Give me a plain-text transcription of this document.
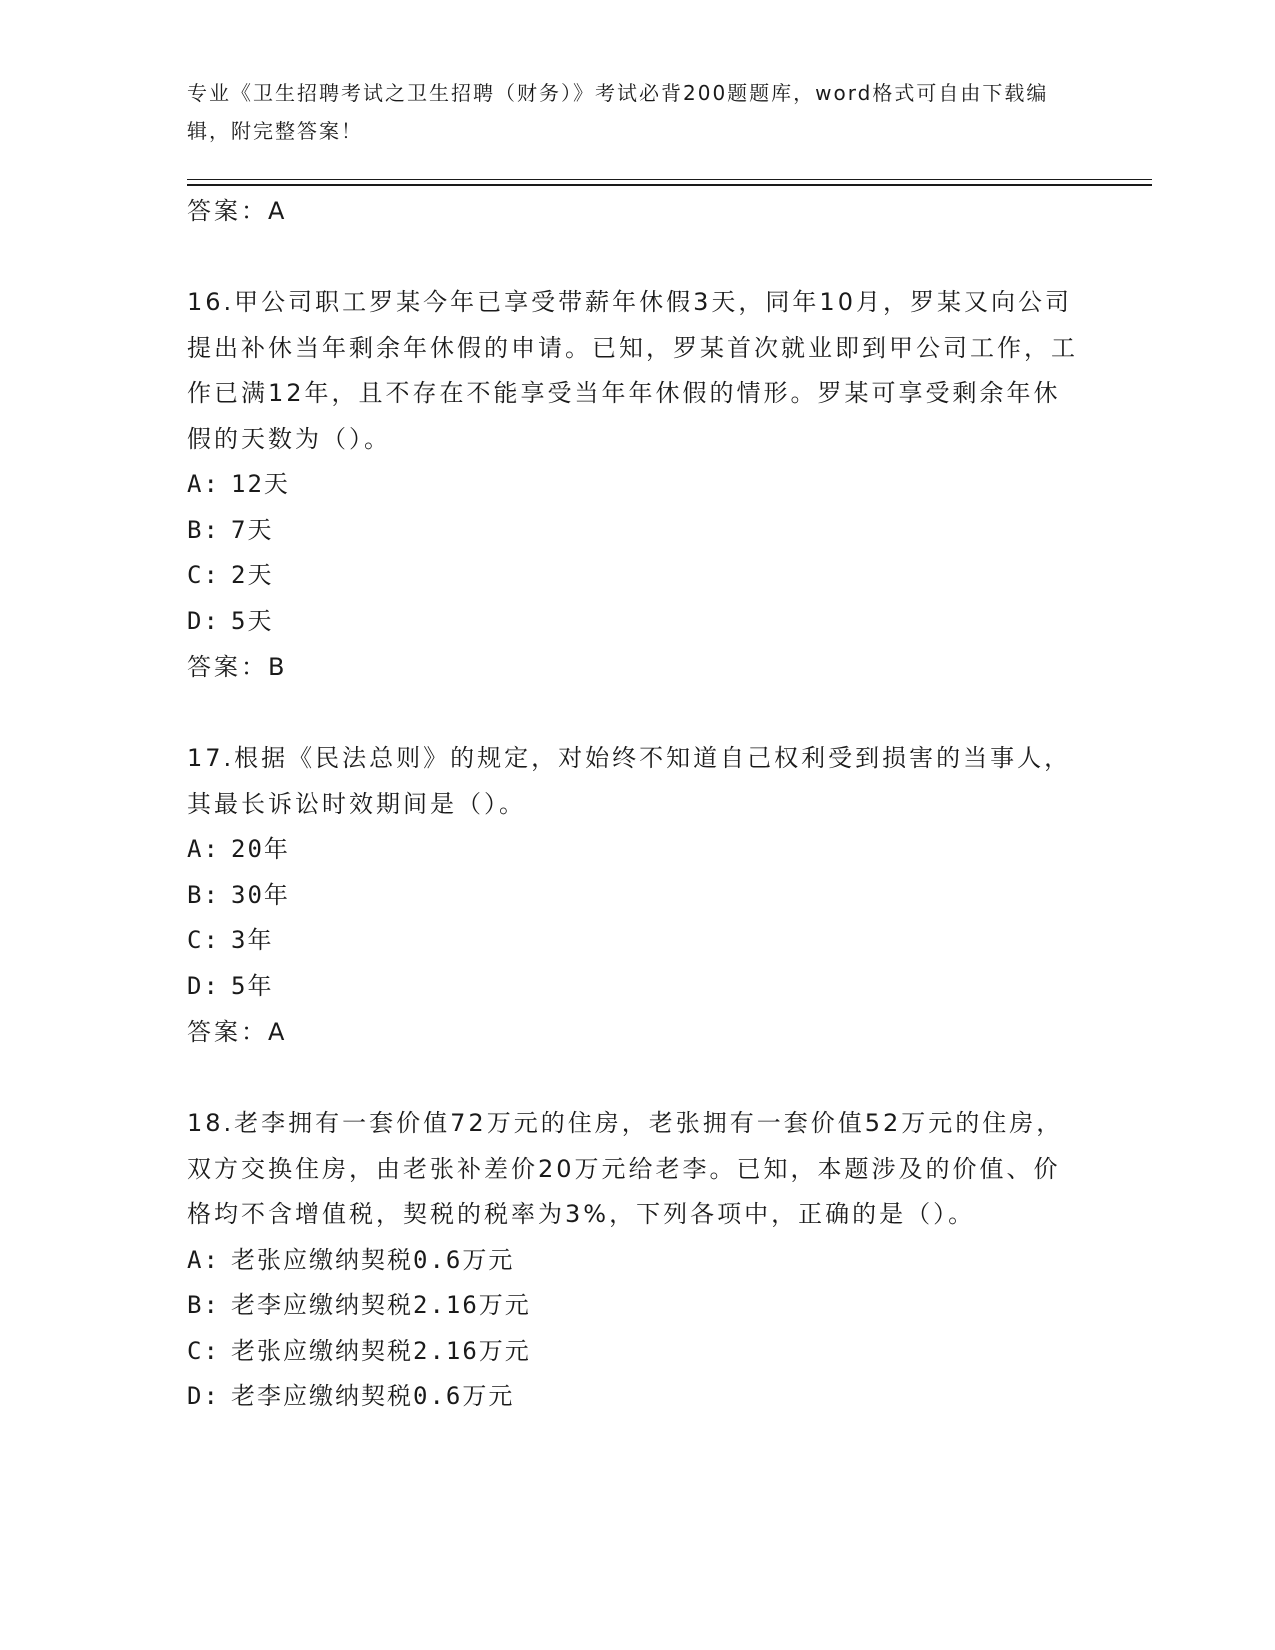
专业《卫生招聘考试之卫生招聘（财务）》考试必背200题题库，word格式可自由下载编辑，附完整答案！
答案：A
16.甲公司职工罗某今年已享受带薪年休假3天，同年10月，罗某又向公司提出补休当年剩余年休假的申请。已知，罗某首次就业即到甲公司工作，工作已满12年，且不存在不能享受当年年休假的情形。罗某可享受剩余年休假的天数为（）。
A: 12天
B: 7天
C: 2天
D: 5天
答案：B
17.根据《民法总则》的规定，对始终不知道自己权利受到损害的当事人，其最长诉讼时效期间是（）。
A: 20年
B: 30年
C: 3年
D: 5年
答案：A
18.老李拥有一套价值72万元的住房，老张拥有一套价值52万元的住房，双方交换住房，由老张补差价20万元给老李。已知，本题涉及的价值、价格均不含增值税，契税的税率为3%，下列各项中，正确的是（）。
A: 老张应缴纳契税0.6万元
B: 老李应缴纳契税2.16万元
C: 老张应缴纳契税2.16万元
D: 老李应缴纳契税0.6万元
